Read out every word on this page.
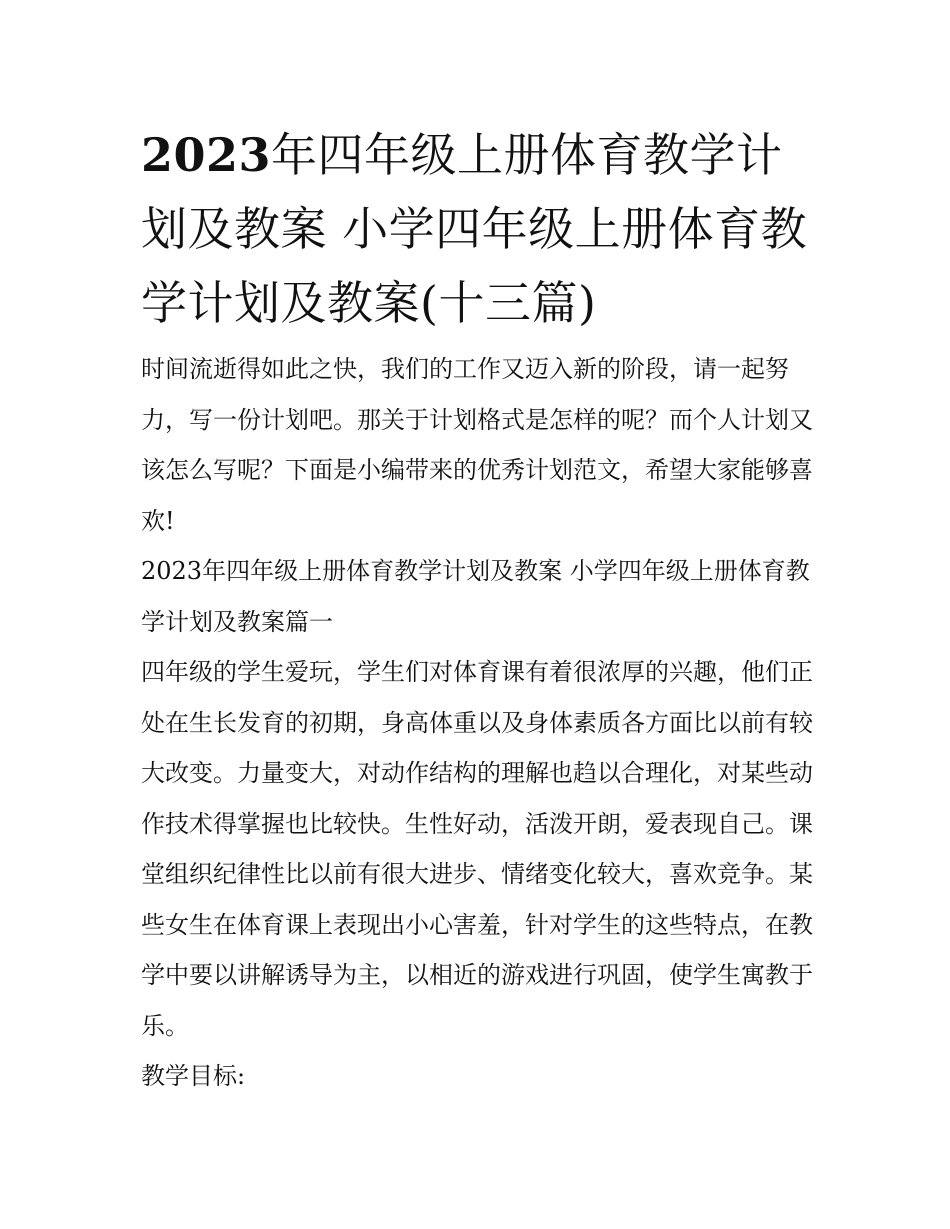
2023年四年级上册体育教学计划及教案 小学四年级上册体育教学计划及教案(十三篇)

时间流逝得如此之快，我们的工作又迈入新的阶段，请一起努力，写一份计划吧。那关于计划格式是怎样的呢？而个人计划又该怎么写呢？下面是小编带来的优秀计划范文，希望大家能够喜欢!

2023年四年级上册体育教学计划及教案 小学四年级上册体育教学计划及教案篇一

四年级的学生爱玩，学生们对体育课有着很浓厚的兴趣，他们正处在生长发育的初期，身高体重以及身体素质各方面比以前有较大改变。力量变大，对动作结构的理解也趋以合理化，对某些动作技术得掌握也比较快。生性好动，活泼开朗，爱表现自己。课堂组织纪律性比以前有很大进步、情绪变化较大，喜欢竞争。某些女生在体育课上表现出小心害羞，针对学生的这些特点，在教学中要以讲解诱导为主，以相近的游戏进行巩固，使学生寓教于乐。

教学目标:
